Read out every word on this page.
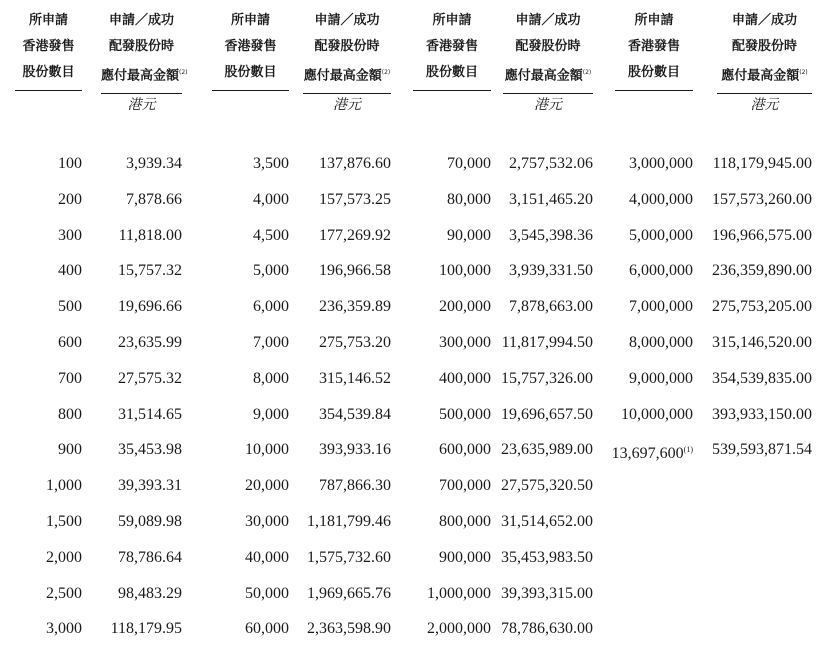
所申請
香港發售
股份數目
申請／成功
配發股份時
應付最高金額$^{(2)}$
港元
100
200
300
400
500
600
700
800
900
1,000
1,500
2,000
2,500
3,000
3,939.34
7,878.66
11,818.00
15,757.32
19,696.66
23,635.99
27,575.32
31,514.65
35,453.98
39,393.31
59,089.98
78,786.64
98,483.29
118,179.95
所申請
香港發售
股份數目
申請／成功
配發股份時
應付最高金額$^{(2)}$
港元
3,500
4,000
4,500
5,000
6,000
7,000
8,000
9,000
10,000
20,000
30,000
40,000
50,000
60,000
137,876.60
157,573.25
177,269.92
196,966.58
236,359.89
275,753.20
315,146.52
354,539.84
393,933.16
787,866.30
1,181,799.46
1,575,732.60
1,969,665.76
2,363,598.90
所申請
香港發售
股份數目
申請／成功
配發股份時
應付最高金額$^{(2)}$
港元
70,000
80,000
90,000
100,000
200,000
300,000
400,000
500,000
600,000
700,000
800,000
900,000
1,000,000
2,000,000
2,757,532.06
3,151,465.20
3,545,398.36
3,939,331.50
7,878,663.00
11,817,994.50
15,757,326.00
19,696,657.50
23,635,989.00
27,575,320.50
31,514,652.00
35,453,983.50
39,393,315.00
78,786,630.00
所申請
香港發售
股份數目
申請／成功
配發股份時
應付最高金額$^{(2)}$
港元
3,000,000
4,000,000
5,000,000
6,000,000
7,000,000
8,000,000
9,000,000
10,000,000
13,697,600$^{(1)}$
118,179,945.00
157,573,260.00
196,966,575.00
236,359,890.00
275,753,205.00
315,146,520.00
354,539,835.00
393,933,150.00
539,593,871.54
